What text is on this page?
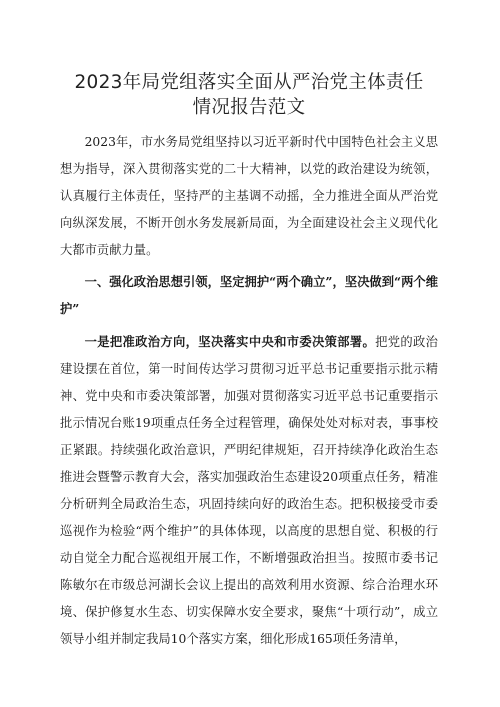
2023年局党组落实全面从严治党主体责任
情况报告范文

2023年，市水务局党组坚持以习近平新时代中国特色社会主义思想为指导，深入贯彻落实党的二十大精神，以党的政治建设为统领，认真履行主体责任，坚持严的主基调不动摇，全力推进全面从严治党向纵深发展，不断开创水务发展新局面，为全面建设社会主义现代化大都市贡献力量。

一、强化政治思想引领，坚定拥护“两个确立”，坚决做到“两个维护”

一是把准政治方向，坚决落实中央和市委决策部署。把党的政治建设摆在首位，第一时间传达学习贯彻习近平总书记重要指示批示精神、党中央和市委决策部署，加强对贯彻落实习近平总书记重要指示批示情况台账19项重点任务全过程管理，确保处处对标对表，事事校正紧跟。持续强化政治意识，严明纪律规矩，召开持续净化政治生态推进会暨警示教育大会，落实加强政治生态建设20项重点任务，精准分析研判全局政治生态，巩固持续向好的政治生态。把积极接受市委巡视作为检验“两个维护”的具体体现，以高度的思想自觉、积极的行动自觉全力配合巡视组开展工作，不断增强政治担当。按照市委书记陈敏尔在市级总河湖长会议上提出的高效利用水资源、综合治理水环境、保护修复水生态、切实保障水安全要求，聚焦“十项行动”，成立领导小组并制定我局10个落实方案，细化形成165项任务清单，
